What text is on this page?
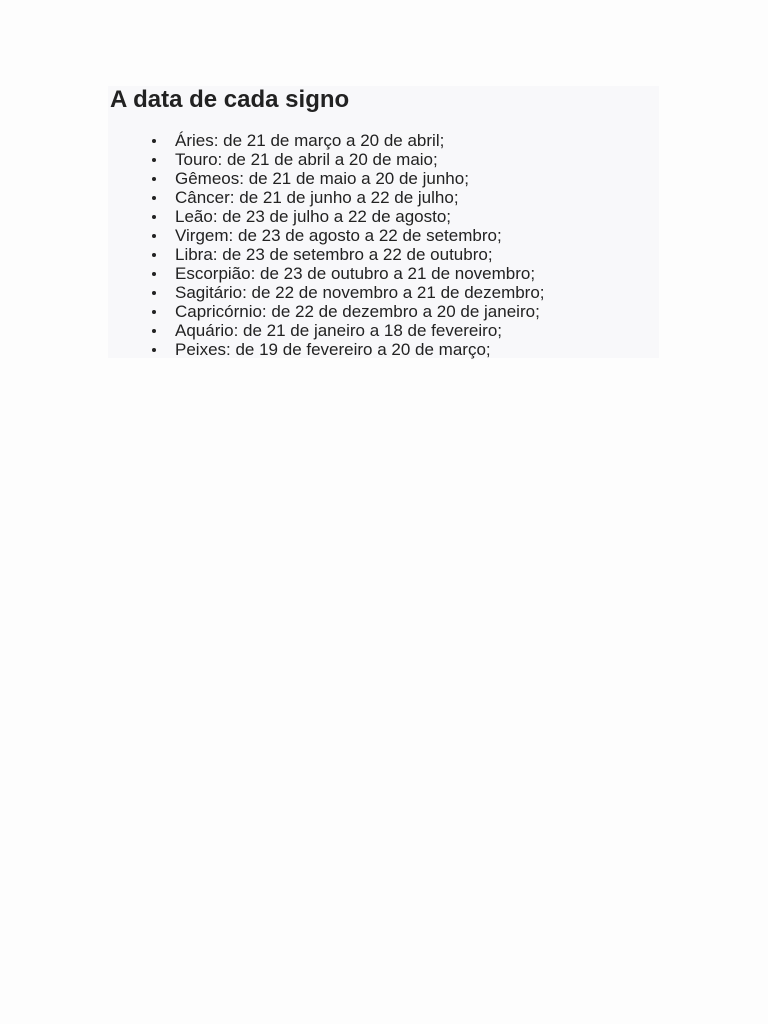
A data de cada signo
Áries: de 21 de março a 20 de abril;
Touro: de 21 de abril a 20 de maio;
Gêmeos: de 21 de maio a 20 de junho;
Câncer: de 21 de junho a 22 de julho;
Leão: de 23 de julho a 22 de agosto;
Virgem: de 23 de agosto a 22 de setembro;
Libra: de 23 de setembro a 22 de outubro;
Escorpião: de 23 de outubro a 21 de novembro;
Sagitário: de 22 de novembro a 21 de dezembro;
Capricórnio: de 22 de dezembro a 20 de janeiro;
Aquário: de 21 de janeiro a 18 de fevereiro;
Peixes: de 19 de fevereiro a 20 de março;
